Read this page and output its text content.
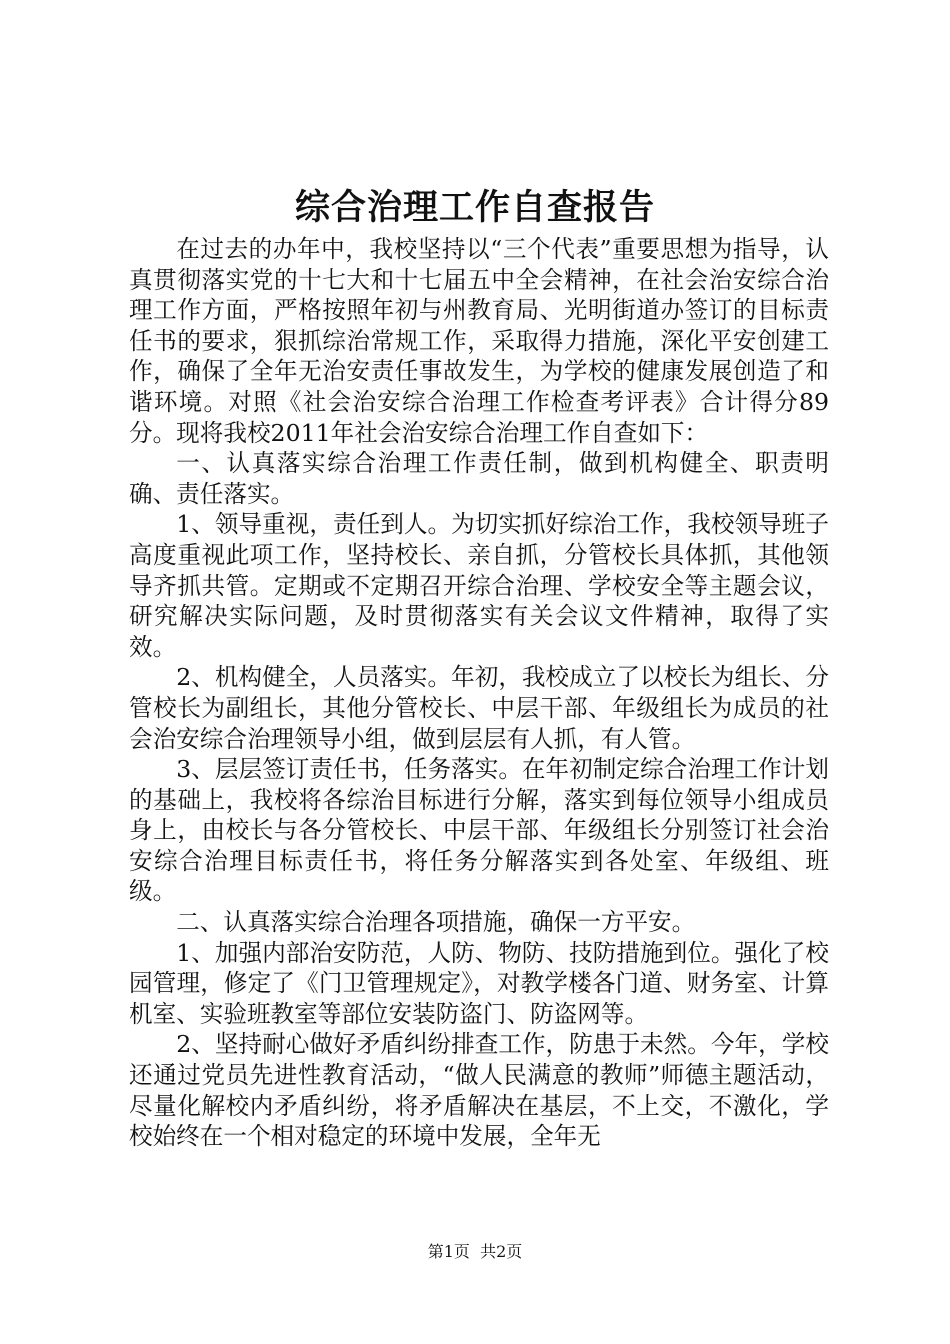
综合治理工作自查报告

在过去的办年中，我校坚持以“三个代表”重要思想为指导，认真贯彻落实党的十七大和十七届五中全会精神，在社会治安综合治理工作方面，严格按照年初与州教育局、光明街道办签订的目标责任书的要求，狠抓综治常规工作，采取得力措施，深化平安创建工作，确保了全年无治安责任事故发生，为学校的健康发展创造了和谐环境。对照《社会治安综合治理工作检查考评表》合计得分89分。现将我校2011年社会治安综合治理工作自查如下：

一、认真落实综合治理工作责任制，做到机构健全、职责明确、责任落实。

1、领导重视，责任到人。为切实抓好综治工作，我校领导班子高度重视此项工作，坚持校长、亲自抓，分管校长具体抓，其他领导齐抓共管。定期或不定期召开综合治理、学校安全等主题会议，研究解决实际问题，及时贯彻落实有关会议文件精神，取得了实效。

2、机构健全，人员落实。年初，我校成立了以校长为组长、分管校长为副组长，其他分管校长、中层干部、年级组长为成员的社会治安综合治理领导小组，做到层层有人抓，有人管。

3、层层签订责任书，任务落实。在年初制定综合治理工作计划的基础上，我校将各综治目标进行分解，落实到每位领导小组成员身上，由校长与各分管校长、中层干部、年级组长分别签订社会治安综合治理目标责任书，将任务分解落实到各处室、年级组、班级。

二、认真落实综合治理各项措施，确保一方平安。

1、加强内部治安防范，人防、物防、技防措施到位。强化了校园管理，修定了《门卫管理规定》，对教学楼各门道、财务室、计算机室、实验班教室等部位安装防盗门、防盗网等。

2、坚持耐心做好矛盾纠纷排查工作，防患于未然。今年，学校还通过党员先进性教育活动，“做人民满意的教师”师德主题活动，尽量化解校内矛盾纠纷，将矛盾解决在基层，不上交，不激化，学校始终在一个相对稳定的环境中发展，全年无

第1页  共2页
